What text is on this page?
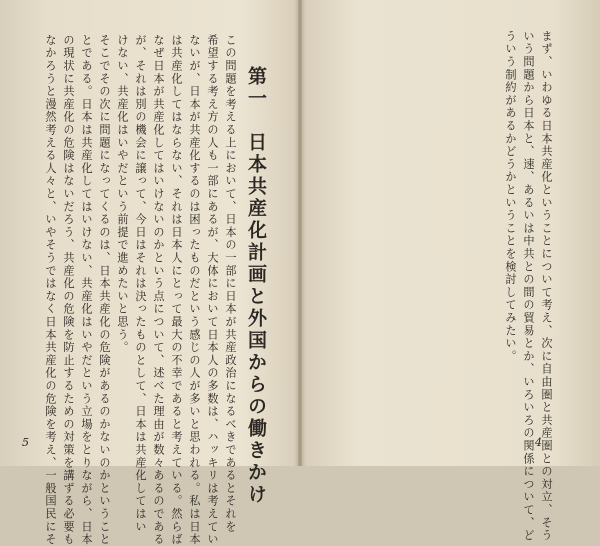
第一　日本共産化計画と外国からの働きかけ
この問題を考える上において、日本の一部に日本が共産政治になるべきであるとそれを
希望する考え方の人も一部にあるが、大体において日本人の多数は、ハッキリは考えてい
ないが、日本が共産化するのは困ったものだという感じの人が多いと思われる。私は日本
は共産化してはならない、それは日本人にとって最大の不幸であると考えている。然らば
なぜ日本が共産化してはいけないのかという点について、述べた理由が数々あるのである
が、それは別の機会に譲って、今日はそれは決ったものとして、日本は共産化してはい
けない、共産化はいやだという前提で進めたいと思う。
そこでその次に問題になってくるのは、日本共産化の危険があるのかないのかということ
とである。日本は共産化してはいけない、共産化はいやだという立場をとりながら、日本
の現状に共産化の危険はないだろう、共産化の危険を防止するための対策を講ずる必要も
なかろうと漫然考える人々と、いやそうではなく日本共産化の危険を考え、一般国民にそ
5	まず、いわゆる日本共産化ということについて考え、次に自由圏と共産圏との対立、そう
いう問題から日本と、速、あるいは中共との間の貿易とか、いろいろの関係について、ど
ういう制約があるかどうかということを検討してみたい。
4
